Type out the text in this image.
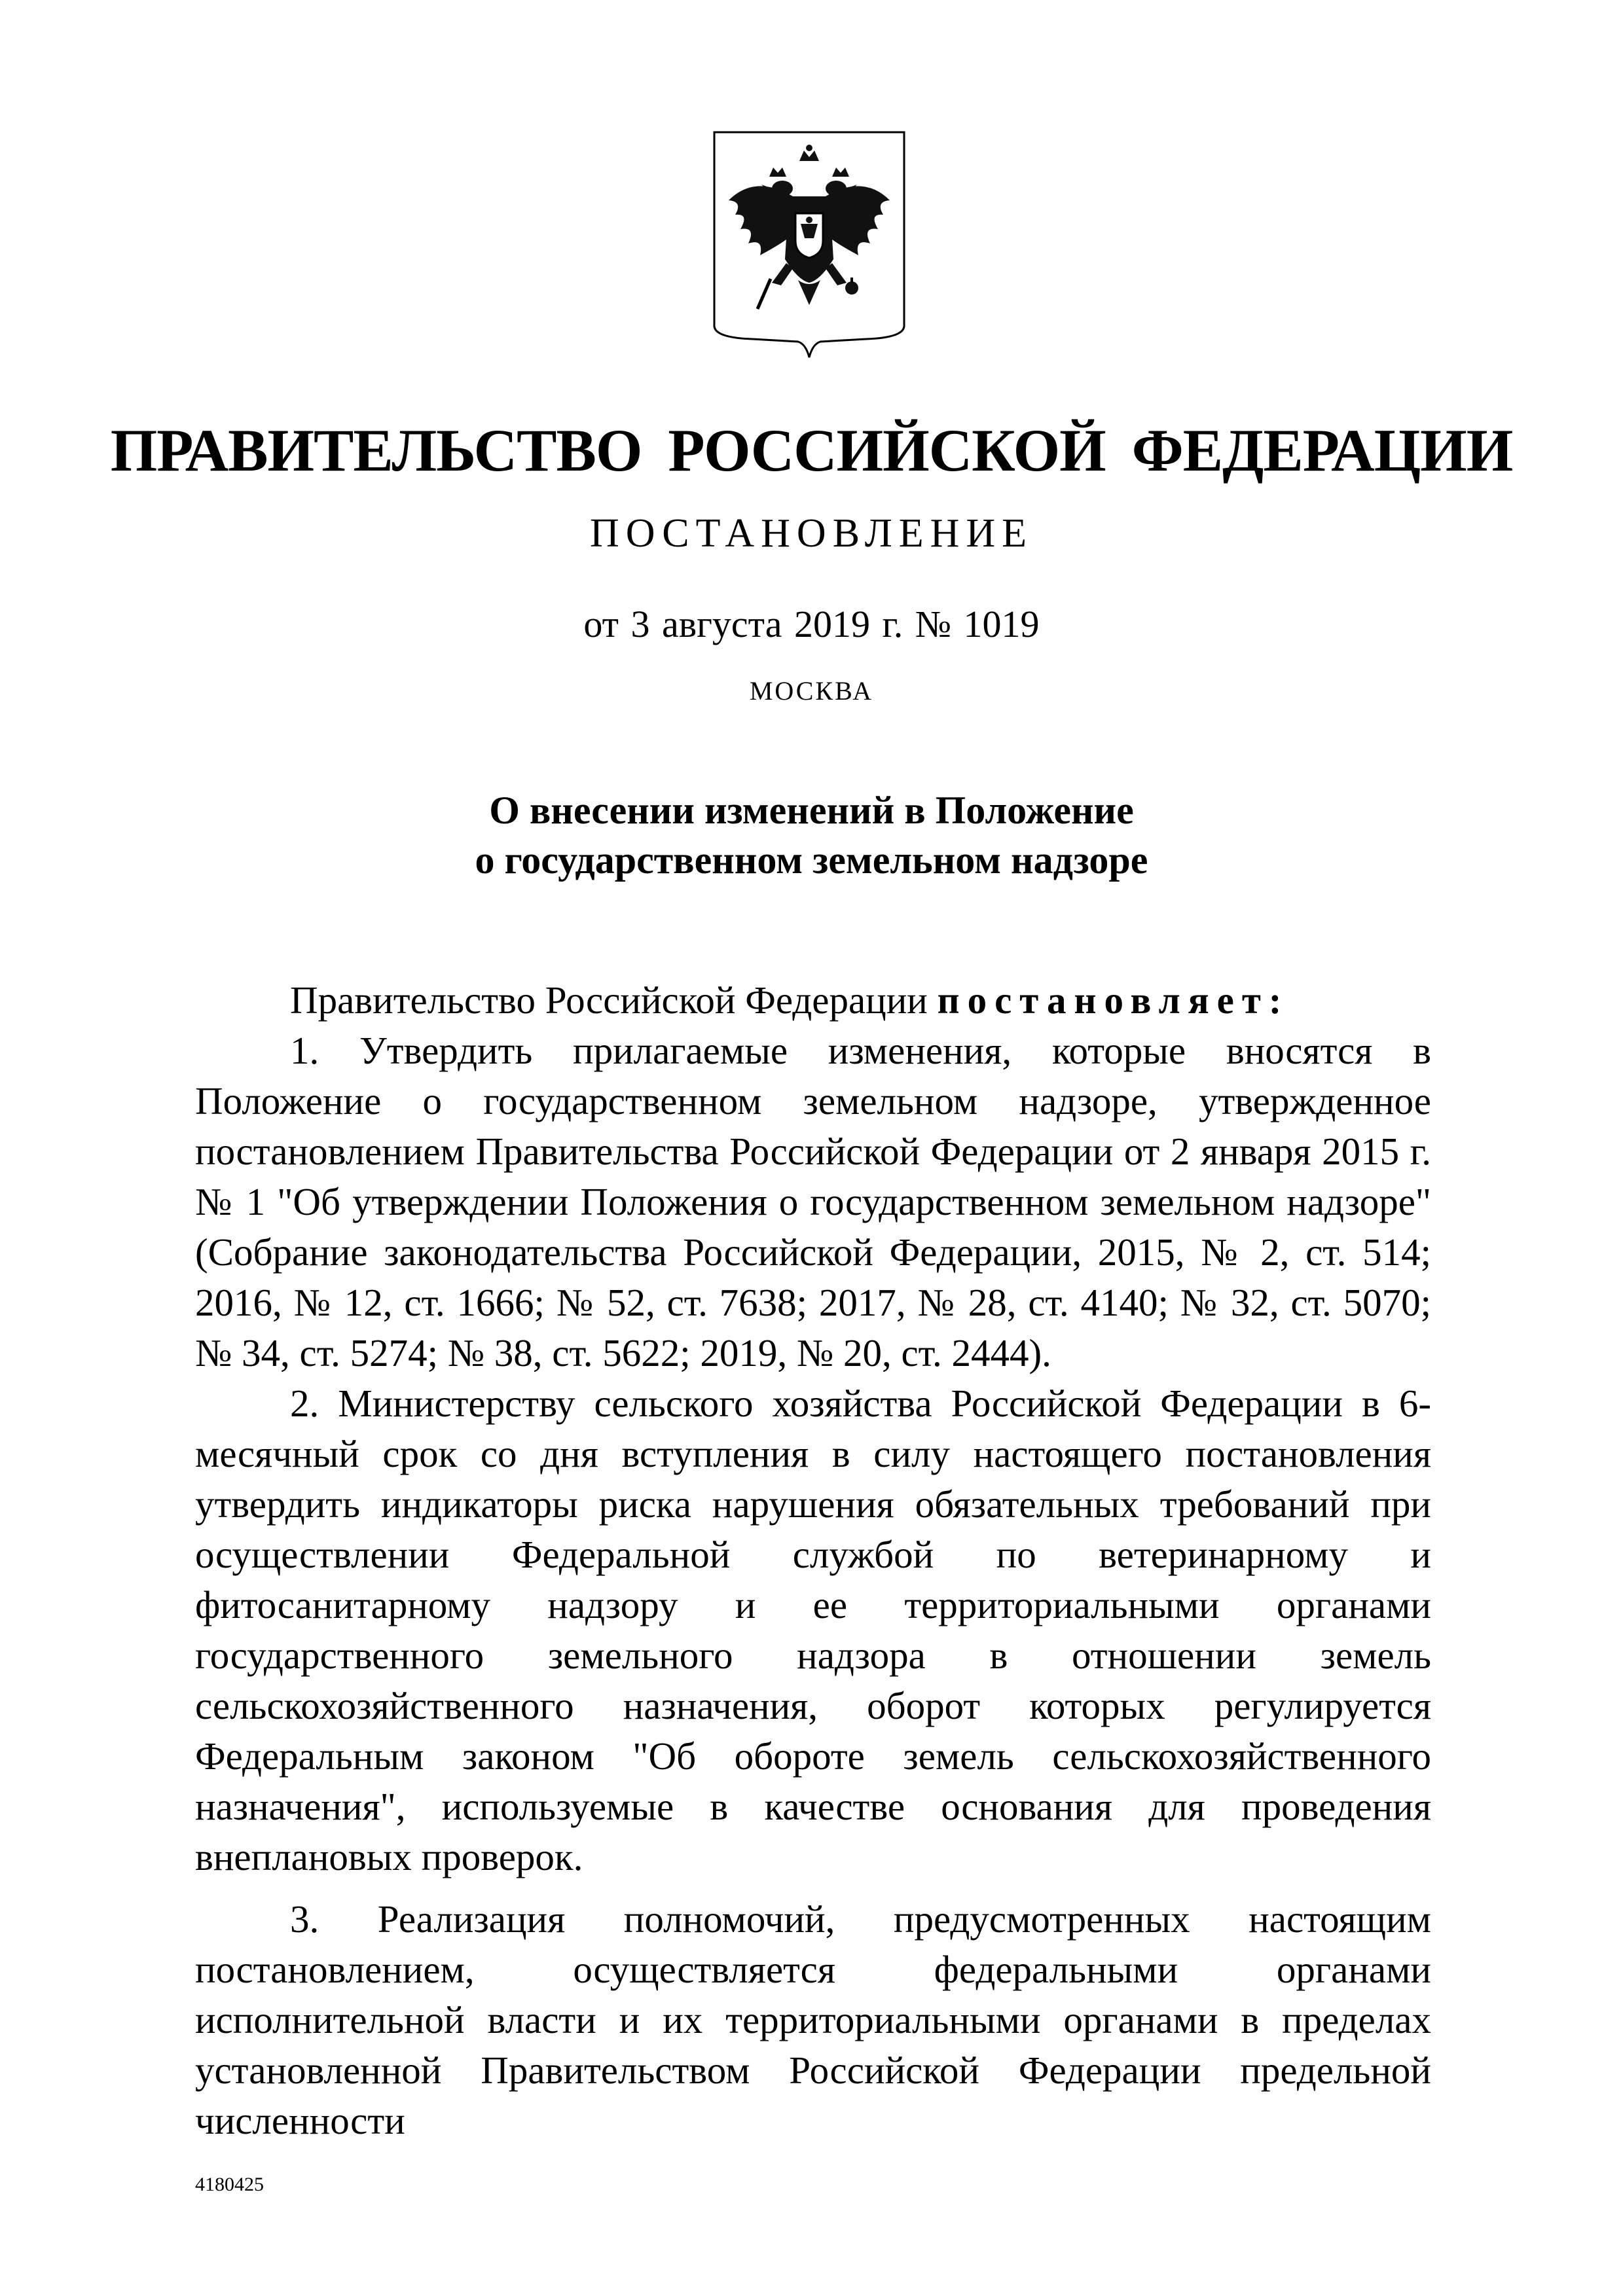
ПРАВИТЕЛЬСТВО РОССИЙСКОЙ ФЕДЕРАЦИИ
ПОСТАНОВЛЕНИЕ
от 3 августа 2019 г. № 1019
МОСКВА
О внесении изменений в Положение
о государственном земельном надзоре

Правительство Российской Федерации постановляет:

1. Утвердить прилагаемые изменения, которые вносятся в Положение о государственном земельном надзоре, утвержденное постановлением Правительства Российской Федерации от 2 января 2015 г. № 1 "Об утверждении Положения о государственном земельном надзоре" (Собрание законодательства Российской Федерации, 2015, № 2, ст. 514; 2016, № 12, ст. 1666; № 52, ст. 7638; 2017, № 28, ст. 4140; № 32, ст. 5070; № 34, ст. 5274; № 38, ст. 5622; 2019, № 20, ст. 2444).

2. Министерству сельского хозяйства Российской Федерации в 6-месячный срок со дня вступления в силу настоящего постановления утвердить индикаторы риска нарушения обязательных требований при осуществлении Федеральной службой по ветеринарному и фитосанитарному надзору и ее территориальными органами государственного земельного надзора в отношении земель сельскохозяйственного назначения, оборот которых регулируется Федеральным законом "Об обороте земель сельскохозяйственного назначения", используемые в качестве основания для проведения внеплановых проверок.

3. Реализация полномочий, предусмотренных настоящим постановлением, осуществляется федеральными органами исполнительной власти и их территориальными органами в пределах установленной Правительством Российской Федерации предельной численности

4180425
